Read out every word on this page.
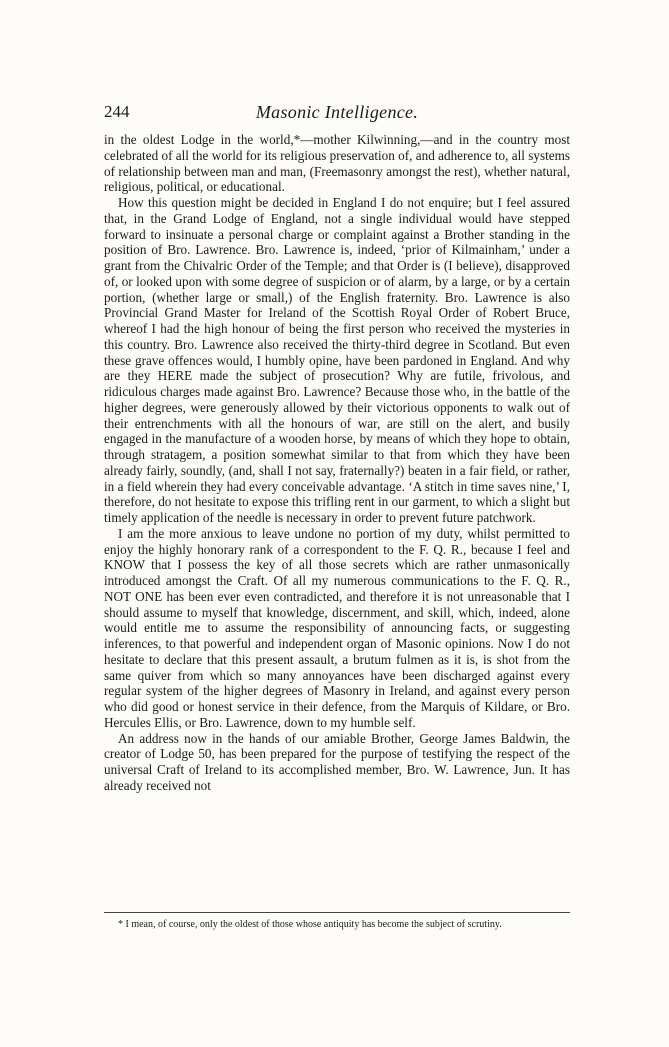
244	Masonic Intelligence.

in the oldest Lodge in the world,*—mother Kilwinning,—and in the country most celebrated of all the world for its religious preservation of, and adherence to, all systems of relationship between man and man, (Freemasonry amongst the rest), whether natural, religious, political, or educational.

How this question might be decided in England I do not enquire; but I feel assured that, in the Grand Lodge of England, not a single individual would have stepped forward to insinuate a personal charge or complaint against a Brother standing in the position of Bro. Lawrence. Bro. Lawrence is, indeed, ‘prior of Kilmainham,’ under a grant from the Chivalric Order of the Temple; and that Order is (I believe), disapproved of, or looked upon with some degree of suspicion or of alarm, by a large, or by a certain portion, (whether large or small,) of the English fraternity. Bro. Lawrence is also Provincial Grand Master for Ireland of the Scottish Royal Order of Robert Bruce, whereof I had the high honour of being the first person who received the mysteries in this country. Bro. Lawrence also received the thirty-third degree in Scotland. But even these grave offences would, I humbly opine, have been pardoned in England. And why are they HERE made the subject of prosecution? Why are futile, frivolous, and ridiculous charges made against Bro. Lawrence? Because those who, in the battle of the higher degrees, were generously allowed by their victorious opponents to walk out of their entrenchments with all the honours of war, are still on the alert, and busily engaged in the manufacture of a wooden horse, by means of which they hope to obtain, through stratagem, a position somewhat similar to that from which they have been already fairly, soundly, (and, shall I not say, fraternally?) beaten in a fair field, or rather, in a field wherein they had every conceivable advantage. ‘A stitch in time saves nine,’ I, therefore, do not hesitate to expose this trifling rent in our garment, to which a slight but timely application of the needle is necessary in order to prevent future patchwork.

I am the more anxious to leave undone no portion of my duty, whilst permitted to enjoy the highly honorary rank of a correspondent to the F. Q. R., because I feel and KNOW that I possess the key of all those secrets which are rather unmasonically introduced amongst the Craft. Of all my numerous communications to the F. Q. R., NOT ONE has been ever even contradicted, and therefore it is not unreasonable that I should assume to myself that knowledge, discernment, and skill, which, indeed, alone would entitle me to assume the responsibility of announcing facts, or suggesting inferences, to that powerful and independent organ of Masonic opinions. Now I do not hesitate to declare that this present assault, a brutum fulmen as it is, is shot from the same quiver from which so many annoyances have been discharged against every regular system of the higher degrees of Masonry in Ireland, and against every person who did good or honest service in their defence, from the Marquis of Kildare, or Bro. Hercules Ellis, or Bro. Lawrence, down to my humble self.

An address now in the hands of our amiable Brother, George James Baldwin, the creator of Lodge 50, has been prepared for the purpose of testifying the respect of the universal Craft of Ireland to its accomplished member, Bro. W. Lawrence, Jun. It has already received not

* I mean, of course, only the oldest of those whose antiquity has become the subject of scrutiny.
